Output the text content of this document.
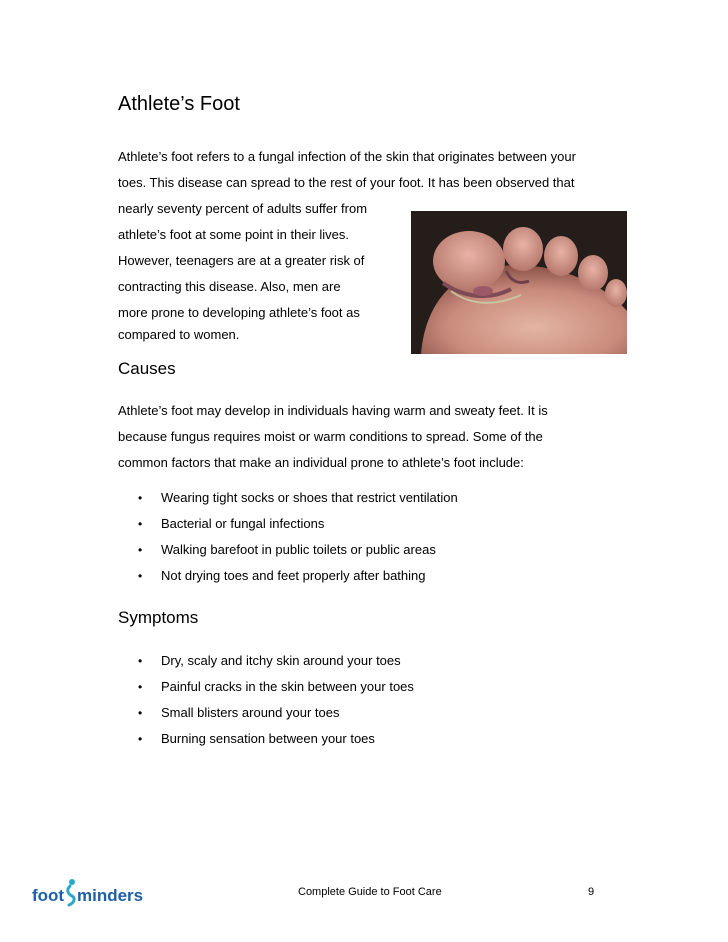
Athlete’s Foot

Athlete’s foot refers to a fungal infection of the skin that originates between your

toes. This disease can spread to the rest of your foot. It has been observed that

nearly seventy percent of adults suffer from

athlete’s foot at some point in their lives.

However, teenagers are at a greater risk of

contracting this disease. Also, men are

more prone to developing athlete’s foot as

compared to women.

Causes

Athlete’s foot may develop in individuals having warm and sweaty feet. It is

because fungus requires moist or warm conditions to spread. Some of the

common factors that make an individual prone to athlete’s foot include:

• Wearing tight socks or shoes that restrict ventilation
• Bacterial or fungal infections
• Walking barefoot in public toilets or public areas
• Not drying toes and feet properly after bathing
Symptoms
• Dry, scaly and itchy skin around your toes
• Painful cracks in the skin between your toes
• Small blisters around your toes
• Burning sensation between your toes
foot minders	Complete Guide to Foot Care	9
